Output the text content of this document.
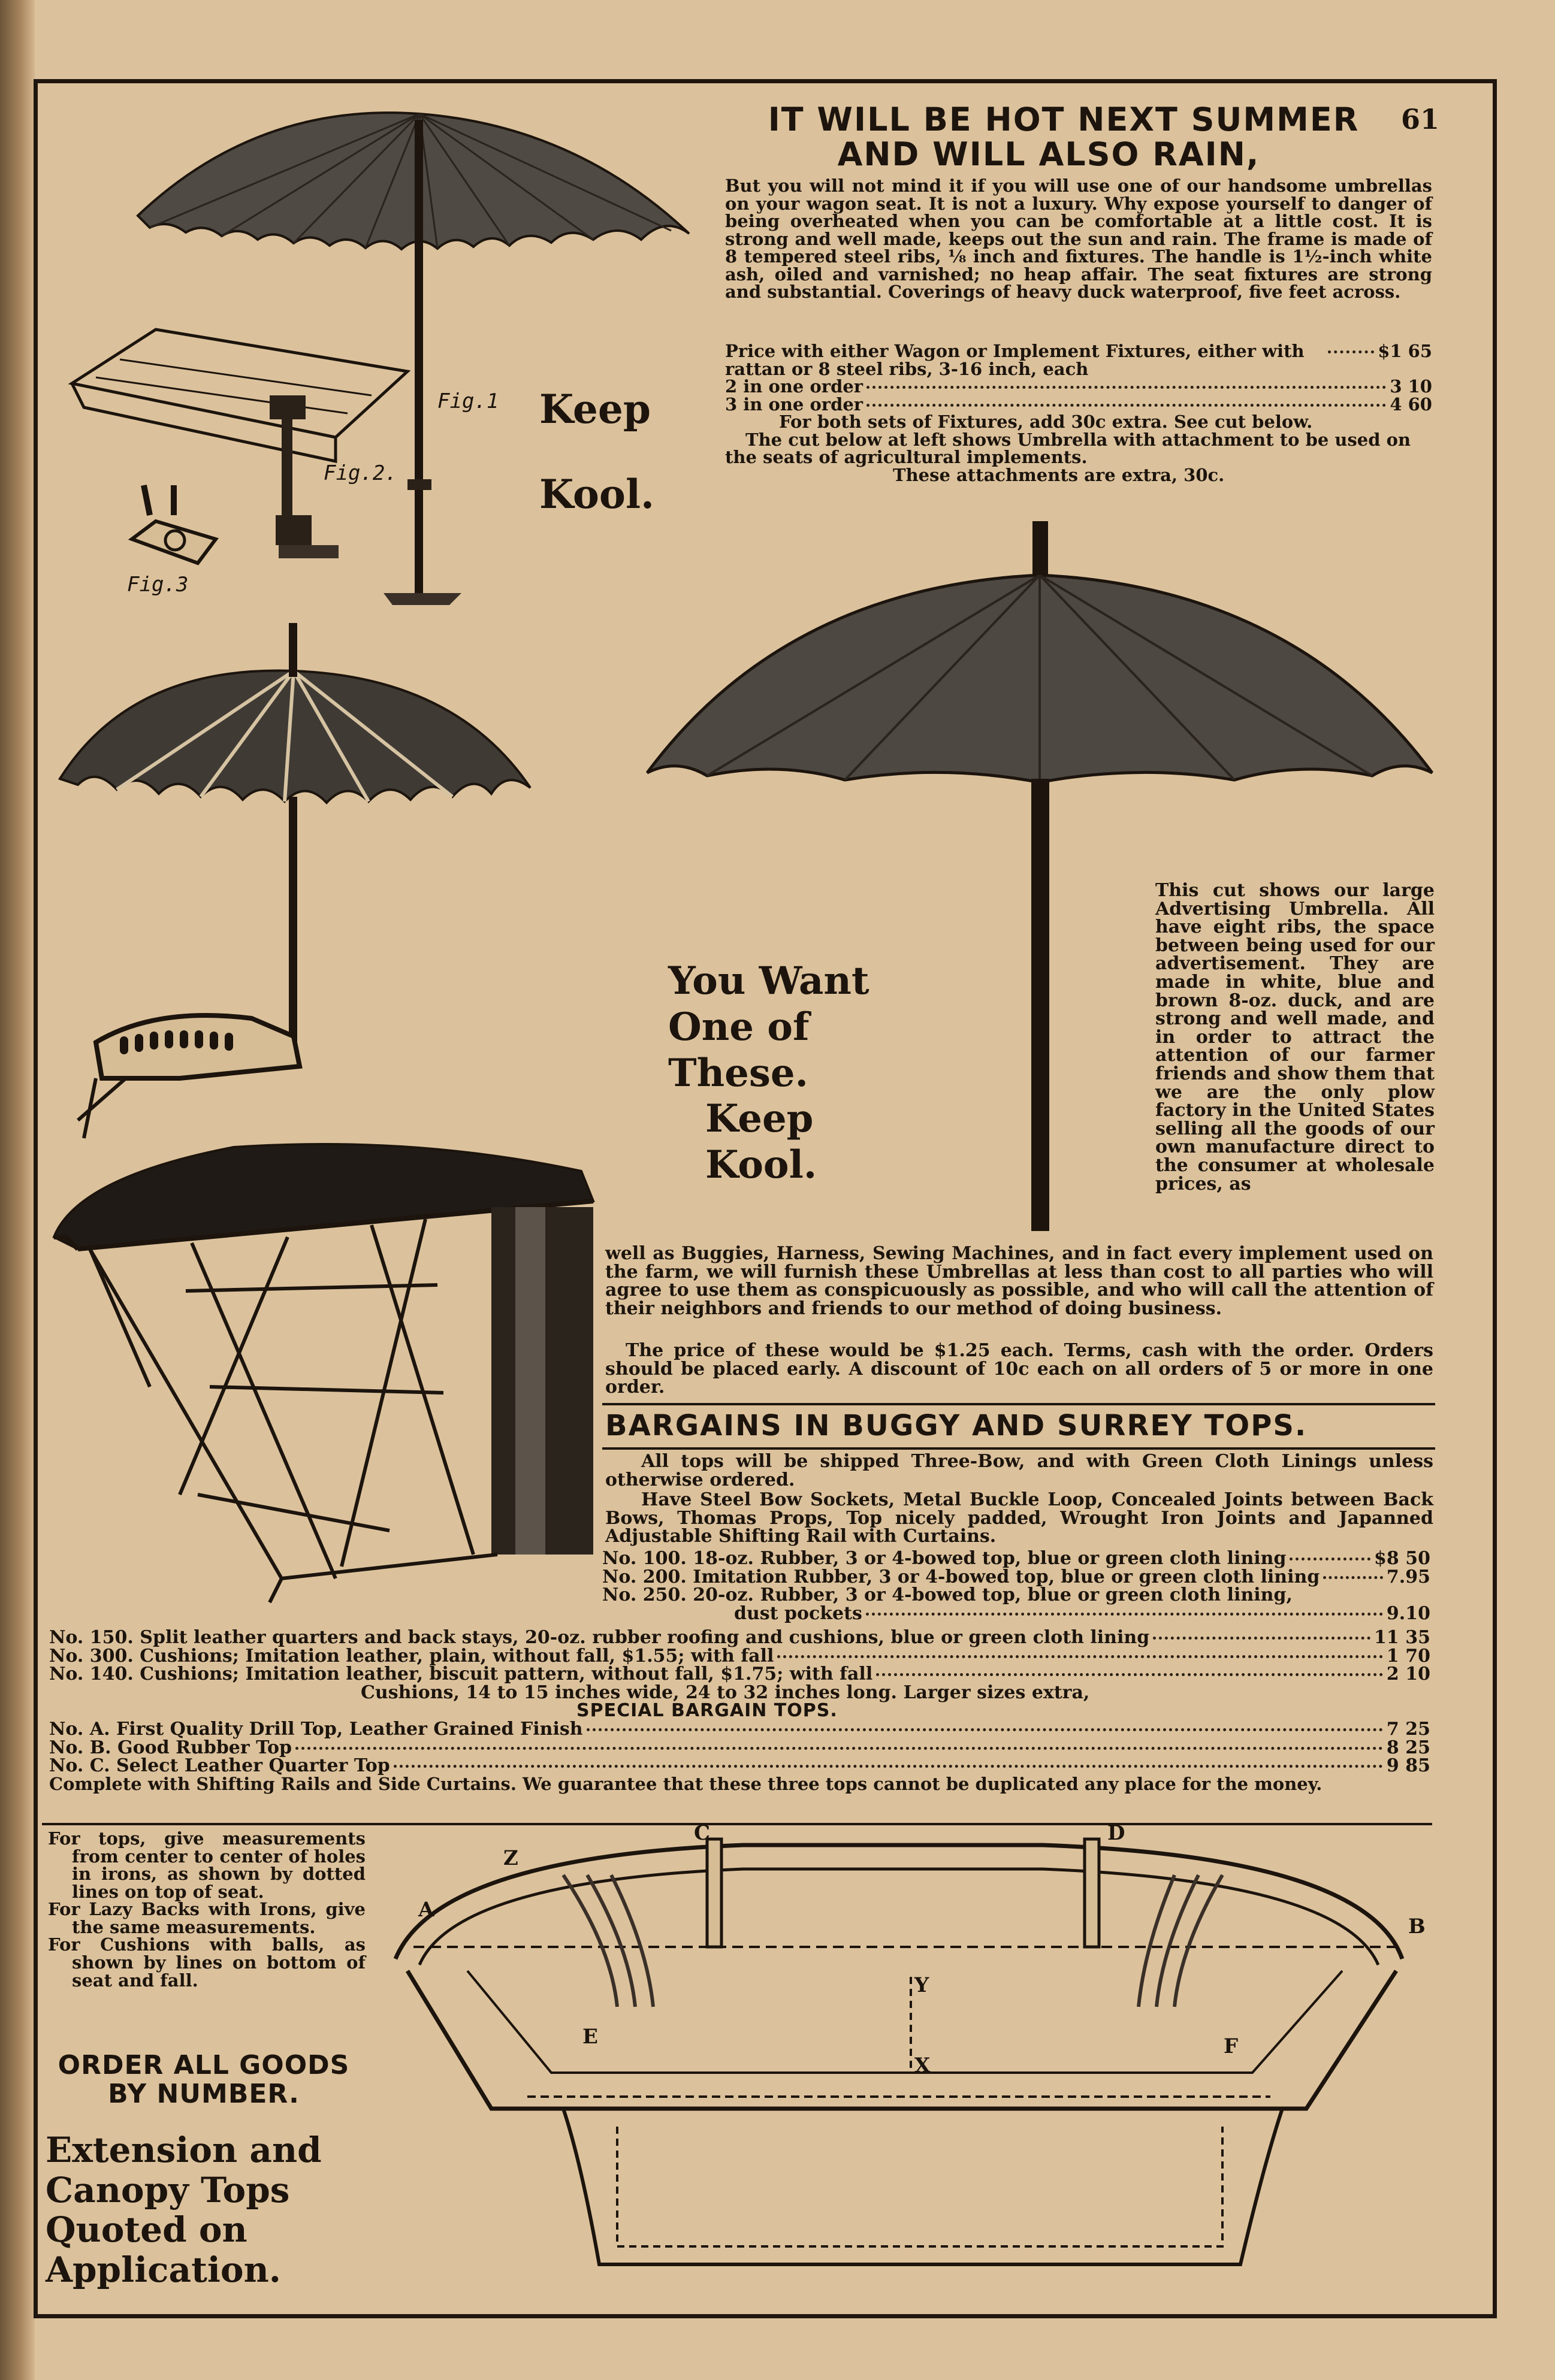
IT WILL BE HOT NEXT SUMMER	61
AND WILL ALSO RAIN,
But you will not mind it if you will use one of our handsome umbrellas on your wagon seat. It is not a luxury. Why expose yourself to danger of being overheated when you can be comfortable at a little cost. It is strong and well made, keeps out the sun and rain. The frame is made of 8 tempered steel ribs, ⅛ inch and fixtures. The handle is 1½-inch white ash, oiled and varnished; no heap affair. The seat fixtures are strong and substantial. Coverings of heavy duck waterproof, five feet across.
Price with either Wagon or Implement Fixtures, either with rattan or 8 steel ribs, 3-16 inch, each
$1 65
2 in one order	3 10
3 in one order	4 60
For both sets of Fixtures, add 30c extra. See cut below.
The cut below at left shows Umbrella with attachment to be used on the seats of agricultural implements.
These attachments are extra, 30c.
Fig.1
Fig.2.
Fig.3
Keep
Kool.
You Want
One of
These.
Keep
Kool.
This cut shows our large Advertising Umbrella. All have eight ribs, the space between being used for our advertisement. They are made in white, blue and brown 8-oz. duck, and are strong and well made, and in order to attract the attention of our farmer friends and show them that we are the only plow factory in the United States selling all the goods of our own manufacture direct to the consumer at wholesale prices, as
well as Buggies, Harness, Sewing Machines, and in fact every implement used on the farm, we will furnish these Umbrellas at less than cost to all parties who will agree to use them as conspicuously as possible, and who will call the attention of their neighbors and friends to our method of doing business.
The price of these would be $1.25 each. Terms, cash with the order. Orders should be placed early. A discount of 10c each on all orders of 5 or more in one order.
BARGAINS IN BUGGY AND SURREY TOPS.
All tops will be shipped Three-Bow, and with Green Cloth Linings unless otherwise ordered.
Have Steel Bow Sockets, Metal Buckle Loop, Concealed Joints between Back Bows, Thomas Props, Top nicely padded, Wrought Iron Joints and Japanned Adjustable Shifting Rail with Curtains.
No. 100. 18-oz. Rubber, 3 or 4-bowed top, blue or green cloth lining	$8 50
No. 200. Imitation Rubber, 3 or 4-bowed top, blue or green cloth lining	7.95
No. 250. 20-oz. Rubber, 3 or 4-bowed top, blue or green cloth lining,
dust pockets	9.10
No. 150. Split leather quarters and back stays, 20-oz. rubber roofing and cushions, blue or green cloth lining	11 35
No. 300. Cushions; Imitation leather, plain, without fall, $1.55; with fall	1 70
No. 140. Cushions; Imitation leather, biscuit pattern, without fall, $1.75; with fall	2 10
Cushions, 14 to 15 inches wide, 24 to 32 inches long. Larger sizes extra,
SPECIAL BARGAIN TOPS.
No. A. First Quality Drill Top, Leather Grained Finish	7 25
No. B. Good Rubber Top	8 25
No. C. Select Leather Quarter Top	9 85
Complete with Shifting Rails and Side Curtains. We guarantee that these three tops cannot be duplicated any place for the money.
For tops, give measurements from center to center of holes in irons, as shown by dotted lines on top of seat.
For Lazy Backs with Irons, give the same measurements.
For Cushions with balls, as shown by lines on bottom of seat and fall.
ORDER ALL GOODS
BY NUMBER.
Extension and
Canopy Tops
Quoted on
Application.
Z
C	D
A
B
Y
E	F
X
